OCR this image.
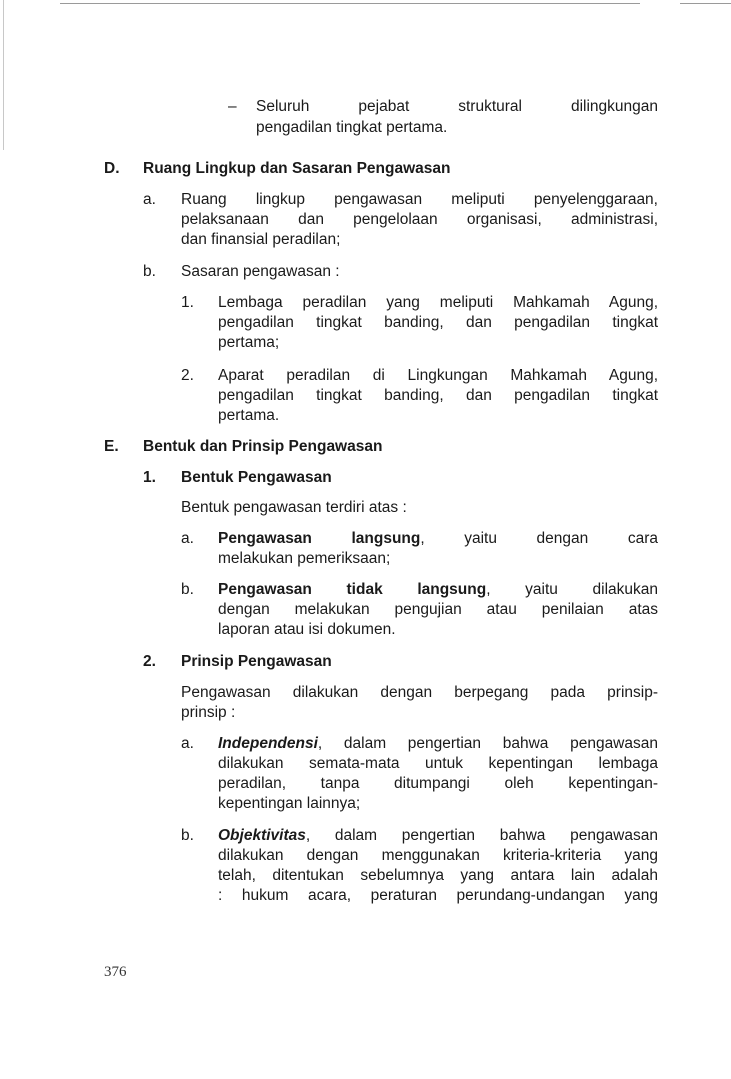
– Seluruh pejabat struktural dilingkungan
pengadilan tingkat pertama.
D. Ruang Lingkup dan Sasaran Pengawasan
a. Ruang lingkup pengawasan meliputi penyelenggaraan,
pelaksanaan dan pengelolaan organisasi, administrasi,
dan finansial peradilan;
b. Sasaran pengawasan :
1. Lembaga peradilan yang meliputi Mahkamah Agung,
pengadilan tingkat banding, dan pengadilan tingkat
pertama;
2. Aparat peradilan di Lingkungan Mahkamah Agung,
pengadilan tingkat banding, dan pengadilan tingkat
pertama.
E. Bentuk dan Prinsip Pengawasan
1. Bentuk Pengawasan
Bentuk pengawasan terdiri atas :
a. Pengawasan langsung, yaitu dengan cara
melakukan pemeriksaan;
b. Pengawasan tidak langsung, yaitu dilakukan
dengan melakukan pengujian atau penilaian atas
laporan atau isi dokumen.
2. Prinsip Pengawasan
Pengawasan dilakukan dengan berpegang pada prinsip-
prinsip :
a. Independensi, dalam pengertian bahwa pengawasan
dilakukan semata-mata untuk kepentingan lembaga
peradilan, tanpa ditumpangi oleh kepentingan-
kepentingan lainnya;
b. Objektivitas, dalam pengertian bahwa pengawasan
dilakukan dengan menggunakan kriteria-kriteria yang
telah, ditentukan sebelumnya yang antara lain adalah
: hukum acara, peraturan perundang-undangan yang
376
